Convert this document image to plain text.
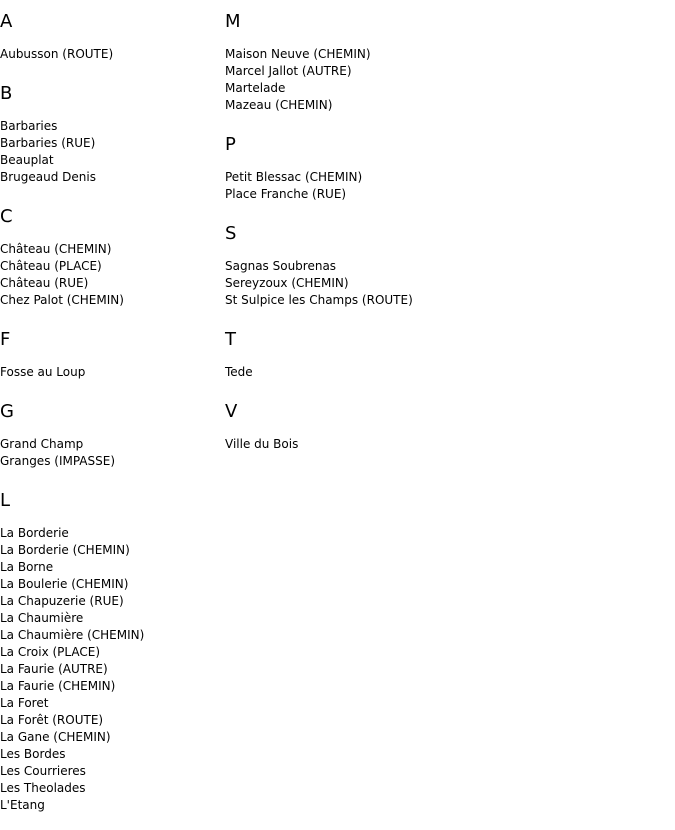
A
Aubusson (ROUTE)
B
Barbaries
Barbaries (RUE)
Beauplat
Brugeaud Denis
C
Château (CHEMIN)
Château (PLACE)
Château (RUE)
Chez Palot (CHEMIN)
F
Fosse au Loup
G
Grand Champ
Granges (IMPASSE)
L
La Borderie
La Borderie (CHEMIN)
La Borne
La Boulerie (CHEMIN)
La Chapuzerie (RUE)
La Chaumière
La Chaumière (CHEMIN)
La Croix (PLACE)
La Faurie (AUTRE)
La Faurie (CHEMIN)
La Foret
La Forêt (ROUTE)
La Gane (CHEMIN)
Les Bordes
Les Courrieres
Les Theolades
L'Etang
M
Maison Neuve (CHEMIN)
Marcel Jallot (AUTRE)
Martelade
Mazeau (CHEMIN)
P
Petit Blessac (CHEMIN)
Place Franche (RUE)
S
Sagnas Soubrenas
Sereyzoux (CHEMIN)
St Sulpice les Champs (ROUTE)
T
Tede
V
Ville du Bois
